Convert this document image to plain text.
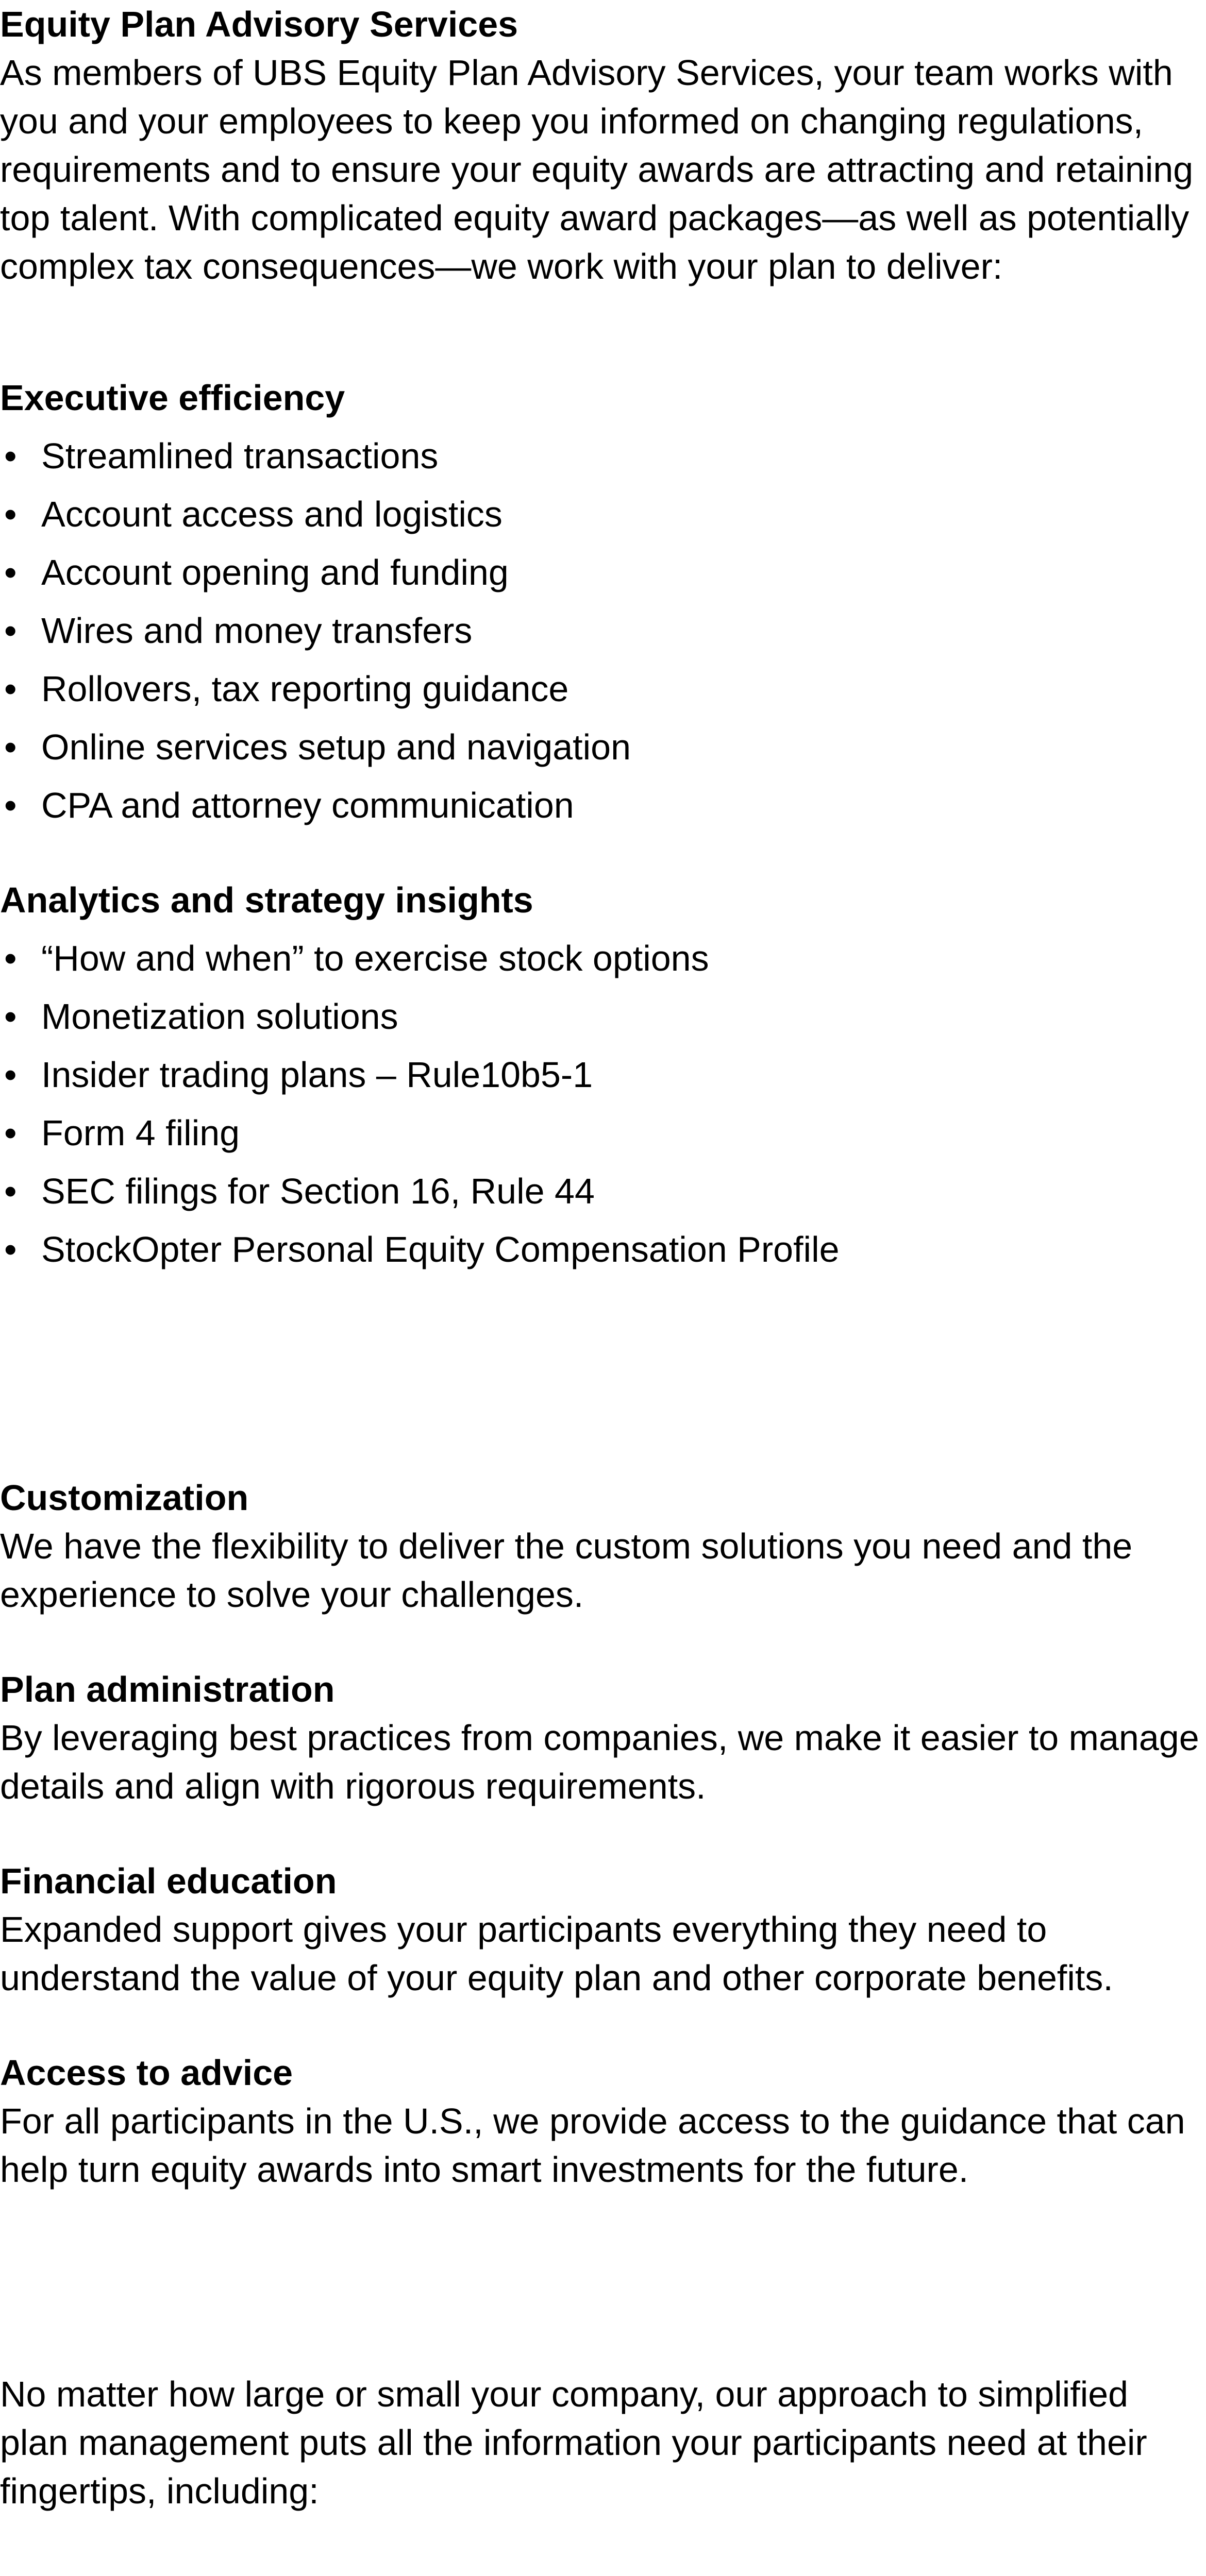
Equity Plan Advisory Services

As members of UBS Equity Plan Advisory Services, your team works with you and your employees to keep you informed on changing regulations, requirements and to ensure your equity awards are attracting and retaining top talent. With complicated equity award packages—as well as potentially complex tax consequences—we work with your plan to deliver:

Executive efficiency

• Streamlined transactions
• Account access and logistics
• Account opening and funding
• Wires and money transfers
• Rollovers, tax reporting guidance
• Online services setup and navigation
• CPA and attorney communication

Analytics and strategy insights

• “How and when” to exercise stock options
• Monetization solutions
• Insider trading plans – Rule10b5-1
• Form 4 filing
• SEC filings for Section 16, Rule 44
• StockOpter Personal Equity Compensation Profile

Customization

We have the flexibility to deliver the custom solutions you need and the experience to solve your challenges.

Plan administration

By leveraging best practices from companies, we make it easier to manage details and align with rigorous requirements.

Financial education

Expanded support gives your participants everything they need to understand the value of your equity plan and other corporate benefits.

Access to advice

For all participants in the U.S., we provide access to the guidance that can help turn equity awards into smart investments for the future.

No matter how large or small your company, our approach to simplified plan management puts all the information your participants need at their fingertips, including:
